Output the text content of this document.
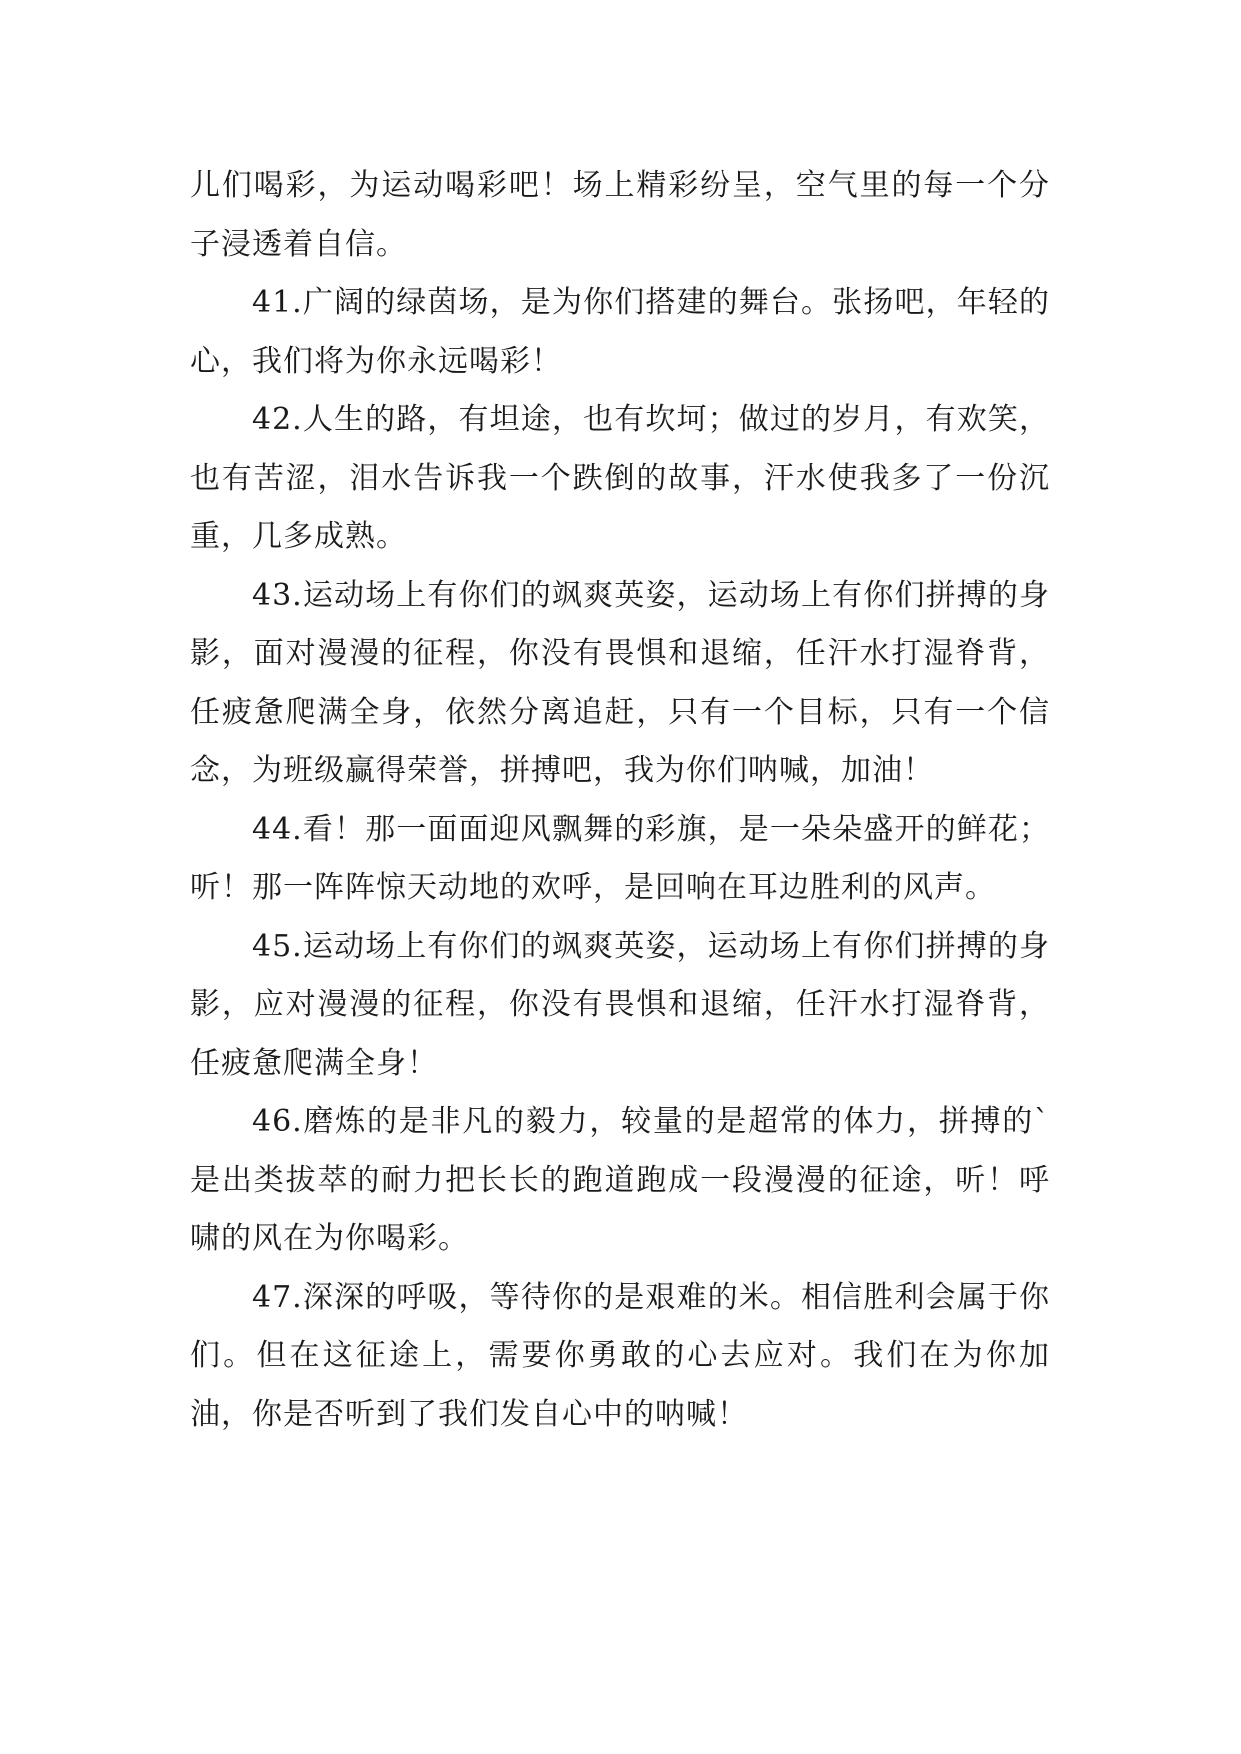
儿们喝彩，为运动喝彩吧！场上精彩纷呈，空气里的每一个分子浸透着自信。

41.广阔的绿茵场，是为你们搭建的舞台。张扬吧，年轻的心，我们将为你永远喝彩！

42.人生的路，有坦途，也有坎坷；做过的岁月，有欢笑，也有苦涩，泪水告诉我一个跌倒的故事，汗水使我多了一份沉重，几多成熟。

43.运动场上有你们的飒爽英姿，运动场上有你们拼搏的身影，面对漫漫的征程，你没有畏惧和退缩，任汗水打湿脊背，任疲惫爬满全身，依然分离追赶，只有一个目标，只有一个信念，为班级赢得荣誉，拼搏吧，我为你们呐喊，加油！

44.看！那一面面迎风飘舞的彩旗，是一朵朵盛开的鲜花；听！那一阵阵惊天动地的欢呼，是回响在耳边胜利的风声。

45.运动场上有你们的飒爽英姿，运动场上有你们拼搏的身影，应对漫漫的征程，你没有畏惧和退缩，任汗水打湿脊背，任疲惫爬满全身！

46.磨炼的是非凡的毅力，较量的是超常的体力，拼搏的`是出类拔萃的耐力把长长的跑道跑成一段漫漫的征途，听！呼啸的风在为你喝彩。

47.深深的呼吸，等待你的是艰难的米。相信胜利会属于你们。但在这征途上，需要你勇敢的心去应对。我们在为你加油，你是否听到了我们发自心中的呐喊！
